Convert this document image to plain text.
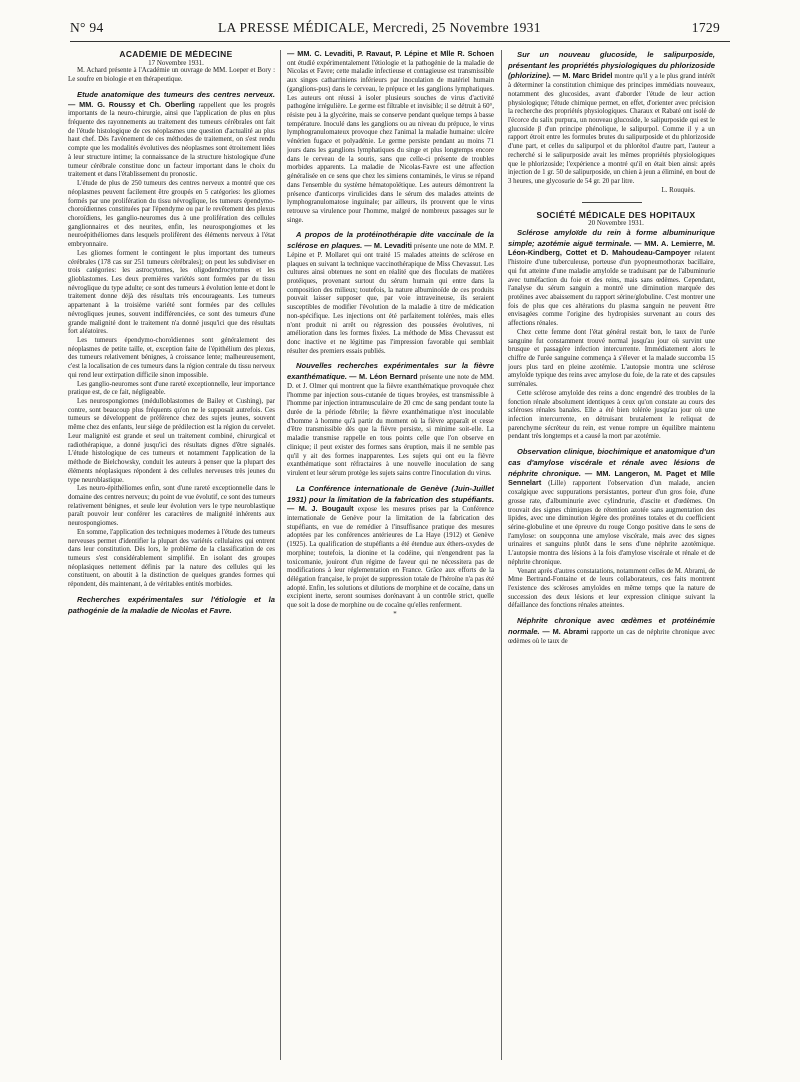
N° 94	LA PRESSE MÉDICALE, Mercredi, 25 Novembre 1931	1729

ACADÉMIE DE MÉDECINE

17 Novembre 1931.

M. Achard présente à l'Académie un ouvrage de MM. Loeper et Bory : Le soufre en biologie et en thérapeutique.

Etude anatomique des tumeurs des centres nerveux. — MM. G. Roussy et Ch. Oberling rappellent que les progrès importants de la neuro-chirurgie, ainsi que l'application de plus en plus fréquente des rayonnements au traitement des tumeurs cérébrales ont fait de l'étude histologique de ces néoplasmes une question d'actualité au plus haut chef. Dès l'avènement de ces méthodes de traitement, on s'est rendu compte que les modalités évolutives des néoplasmes sont étroitement liées à leur structure intime; la connaissance de la structure histologique d'une tumeur cérébrale constitue donc un facteur important dans le choix du traitement et dans l'établissement du pronostic.

L'étude de plus de 250 tumeurs des centres nerveux a montré que ces néoplasmes peuvent facilement être groupés en 5 catégories: les gliomes formés par une prolifération du tissu névroglique, les tumeurs épendymo-choroïdiennes constituées par l'épendyme ou par le revêtement des plexus choroïdiens, les ganglio-neuromes dus à une prolifération des cellules ganglionnaires et des neurites, enfin, les neurospongiomes et les neuroépithéliomes dans lesquels prolifèrent des éléments nerveux à l'état embryonnaire.

Les gliomes forment le contingent le plus important des tumeurs cérébrales (178 cas sur 251 tumeurs cérébrales); on peut les subdiviser en trois catégories: les astrocytomes, les oligodendrocytomes et les glioblastomes. Les deux premières variétés sont formées par du tissu névroglique du type adulte; ce sont des tumeurs à évolution lente et dont le traitement donne déjà des résultats très encourageants. Les tumeurs appartenant à la troisième variété sont formées par des cellules névrogliques jeunes, souvent indifférenciées, ce sont des tumeurs d'une grande malignité dont le traitement n'a donné jusqu'ici que des résultats fort aléatoires.

Les tumeurs épendymo-choroïdiennes sont généralement des néoplasmes de petite taille, et, exception faite de l'épithélium des plexus, des tumeurs relativement bénignes, à croissance lente; malheureusement, c'est la localisation de ces tumeurs dans la région centrale du tissu nerveux qui rend leur extirpation difficile sinon impossible.

Les ganglio-neuromes sont d'une rareté exceptionnelle, leur importance pratique est, de ce fait, négligeable.

Les neurospongiomes (médulloblastomes de Bailey et Cushing), par contre, sont beaucoup plus fréquents qu'on ne le supposait autrefois. Ces tumeurs se développent de préférence chez des sujets jeunes, souvent même chez des enfants, leur siège de prédilection est la région du cervelet. Leur malignité est grande et seul un traitement combiné, chirurgical et radiothérapique, a donné jusqu'ici des résultats dignes d'être signalés. L'étude histologique de ces tumeurs et notamment l'application de la méthode de Bielchowsky, conduit les auteurs à penser que la plupart des éléments néoplasiques répondent à des cellules nerveuses très jeunes du type neuroblastique.

Les neuro-épithéliomes enfin, sont d'une rareté exceptionnelle dans le domaine des centres nerveux; du point de vue évolutif, ce sont des tumeurs relativement bénignes, et seule leur évolution vers le type neuroblastique paraît pouvoir leur conférer les caractères de malignité inhérents aux neurospongiomes.

En somme, l'application des techniques modernes à l'étude des tumeurs nerveuses permet d'identifier la plupart des variétés cellulaires qui entrent dans leur constitution. Dès lors, le problème de la classification de ces tumeurs s'est considérablement simplifié. En isolant des groupes néoplasiques nettement définis par la nature des cellules qui les constituent, on aboutit à la distinction de quelques grandes formes qui répondent, dès maintenant, à de véritables entités morbides.

Recherches expérimentales sur l'étiologie et la pathogénie de la maladie de Nicolas et Favre.

— MM. C. Levaditi, P. Ravaut, P. Lépine et Mlle R. Schoen ont étudié expérimentalement l'étiologie et la pathogénie de la maladie de Nicolas et Favre; cette maladie infectieuse et contagieuse est transmissible aux singes catharriniens inférieurs par inoculation de matériel humain (ganglions-pus) dans le cerveau, le prépuce et les ganglions lymphatiques. Les auteurs ont réussi à isoler plusieurs souches de virus d'activité pathogène irrégulière. Le germe est filtrable et invisible; il se détruit à 60°, résiste peu à la glycérine, mais se conserve pendant quelque temps à basse température. Inoculé dans les ganglions ou au niveau du prépuce, le virus lymphogranulomateux provoque chez l'animal la maladie humaine: ulcère vénérien fugace et polyadénie. Le germe persiste pendant au moins 71 jours dans les ganglions lymphatiques du singe et plus longtemps encore dans le cerveau de la souris, sans que celle-ci présente de troubles morbides apparents. La maladie de Nicolas-Favre est une affection généralisée en ce sens que chez les simiens contaminés, le virus se répand dans l'ensemble du système hématopoïétique. Les auteurs démontrent la présence d'anticorps virulicides dans le sérum des malades atteints de lymphogranulomatose inguinale; par ailleurs, ils prouvent que le virus retrouve sa virulence pour l'homme, malgré de nombreux passages sur le singe.

A propos de la protéinothérapie dite vaccinale de la sclérose en plaques. — M. Levaditi présente une note de MM. P. Lépine et P. Mollaret qui ont traité 15 malades atteints de sclérose en plaques en suivant la technique vaccinothérapique de Miss Chevassut. Les cultures ainsi obtenues ne sont en réalité que des floculats de matières protéiques, provenant surtout du sérum humain qui entre dans la composition des milieux; toutefois, la nature albuminoïde de ces produits pouvait laisser supposer que, par voie intraveineuse, ils seraient susceptibles de modifier l'évolution de la maladie à titre de médication non-spécifique. Les injections ont été parfaitement tolérées, mais elles n'ont produit ni arrêt ou régression des poussées évolutives, ni amélioration dans les formes fixées. La méthode de Miss Chevassut est donc inactive et ne légitime pas l'impression favorable qui semblait résulter des premiers essais publiés.

Nouvelles recherches expérimentales sur la fièvre exanthématique. — M. Léon Bernard présente une note de MM. D. et J. Olmer qui montrent que la fièvre exanthématique provoquée chez l'homme par injection sous-cutanée de tiques broyées, est transmissible à l'homme par injection intramusculaire de 20 cmc de sang pendant toute la durée de la période fébrile; la fièvre exanthématique n'est inoculable d'homme à homme qu'à partir du moment où la fièvre apparaît et cesse d'être transmissible dès que la fièvre persiste, si minime soit-elle. La maladie transmise rappelle en tous points celle que l'on observe en clinique; il peut exister des formes sans éruption, mais il ne semble pas qu'il y ait des formes inapparentes. Les sujets qui ont eu la fièvre exanthématique sont réfractaires à une nouvelle inoculation de sang virulent et leur sérum protège les sujets sains contre l'inoculation du virus.

La Conférence internationale de Genève (Juin-Juillet 1931) pour la limitation de la fabrication des stupéfiants. — M. J. Bougault expose les mesures prises par la Conférence internationale de Genève pour la limitation de la fabrication des stupéfiants, en vue de remédier à l'insuffisance pratique des mesures adoptées par les conférences antérieures de La Haye (1912) et Genève (1925). La qualification de stupéfiants a été étendue aux éthers-oxydes de morphine; toutefois, la dionine et la codéine, qui n'engendrent pas la toxicomanie, jouiront d'un régime de faveur qui ne nécessitera pas de modifications à leur réglementation en France. Grâce aux efforts de la délégation française, le projet de suppression totale de l'héroïne n'a pas été adopté. Enfin, les solutions et dilutions de morphine et de cocaïne, dans un excipient inerte, seront soumises dorénavant à un contrôle strict, quelle que soit la dose de morphine ou de cocaïne qu'elles renferment.

*

Sur un nouveau glucoside, le salipurposide, présentant les propriétés physiologiques du phlorizoside (phlorizine). — M. Marc Bridel montre qu'il y a le plus grand intérêt à déterminer la constitution chimique des principes immédiats nouveaux, notamment des glucosides, avant d'aborder l'étude de leur action physiologique; l'étude chimique permet, en effet, d'orienter avec précision la recherche des propriétés physiologiques. Charaux et Rabaté ont isolé de l'écorce du salix purpura, un nouveau glucoside, le salipurposide qui est le glucoside β d'un principe phénolique, le salipurpol. Comme il y a un rapport étroit entre les formules brutes du salipurposide et du phlorizoside d'une part, et celles du salipurpol et du phlorétol d'autre part, l'auteur a recherché si le salipurposide avait les mêmes propriétés physiologiques que le phlorizoside; l'expérience a montré qu'il en était bien ainsi: après injection de 1 gr. 50 de salipurposide, un chien à jeun a éliminé, en bout de 3 heures, une glycosurie de 54 gr. 20 par litre.

L. Rouquès.

SOCIÉTÉ MÉDICALE DES HOPITAUX

20 Novembre 1931.

Sclérose amyloïde du rein à forme albuminurique simple; azotémie aiguë terminale. — MM. A. Lemierre, M. Léon-Kindberg, Cottet et D. Mahoudeau-Campoyer relatent l'histoire d'une tuberculeuse, porteuse d'un pyopneumothorax bacillaire, qui fut atteinte d'une maladie amyloïde se traduisant par de l'albuminurie avec tuméfaction du foie et des reins, mais sans œdèmes. Cependant, l'analyse du sérum sanguin a montré une diminution marquée des protéines avec abaissement du rapport sérine/globuline. C'est montrer une fois de plus que ces altérations du plasma sanguin ne peuvent être envisagées comme l'origine des hydropisies survenant au cours des affections rénales.

Chez cette femme dont l'état général restait bon, le taux de l'urée sanguine fut constamment trouvé normal jusqu'au jour où survint une brusque et passagère infection intercurrente. Immédiatement alors le chiffre de l'urée sanguine commença à s'élever et la malade succomba 15 jours plus tard en pleine azotémie. L'autopsie montra une sclérose amyloïde typique des reins avec amylose du foie, de la rate et des capsules surrénales.

Cette sclérose amyloïde des reins a donc engendré des troubles de la fonction rénale absolument identiques à ceux qu'on constate au cours des scléroses rénales banales. Elle a été bien tolérée jusqu'au jour où une infection intercurrente, en détruisant brutalement le reliquat de parenchyme sécréteur du rein, est venue rompre un équilibre maintenu pendant très longtemps et a causé la mort par azotémie.

Observation clinique, biochimique et anatomique d'un cas d'amylose viscérale et rénale avec lésions de néphrite chronique. — MM. Langeron, M. Paget et Mlle Sennelart (Lille) rapportent l'observation d'un malade, ancien coxalgique avec suppurations persistantes, porteur d'un gros foie, d'une grosse rate, d'albuminurie avec cylindrurie, d'ascite et d'œdèmes. On trouvait des signes chimiques de rétention azotée sans augmentation des lipides, avec une diminution légère des protéines totales et du coefficient sérine-globuline et une épreuve du rouge Congo positive dans le sens de l'amylose: on soupçonna une amylose viscérale, mais avec des signes urinaires et sanguins plutôt dans le sens d'une néphrite azotémique. L'autopsie montra des lésions à la fois d'amylose viscérale et rénale et de néphrite chronique.

Venant après d'autres constatations, notamment celles de M. Abrami, de Mme Bertrand-Fontaine et de leurs collaborateurs, ces faits montrent l'existence des scléroses amyloïdes en même temps que la nature de succession des deux lésions et leur expression clinique suivant la défaillance des fonctions rénales atteintes.

Néphrite chronique avec œdèmes et protéinémie normale. — M. Abrami rapporte un cas de néphrite chronique avec œdèmes où le taux de
